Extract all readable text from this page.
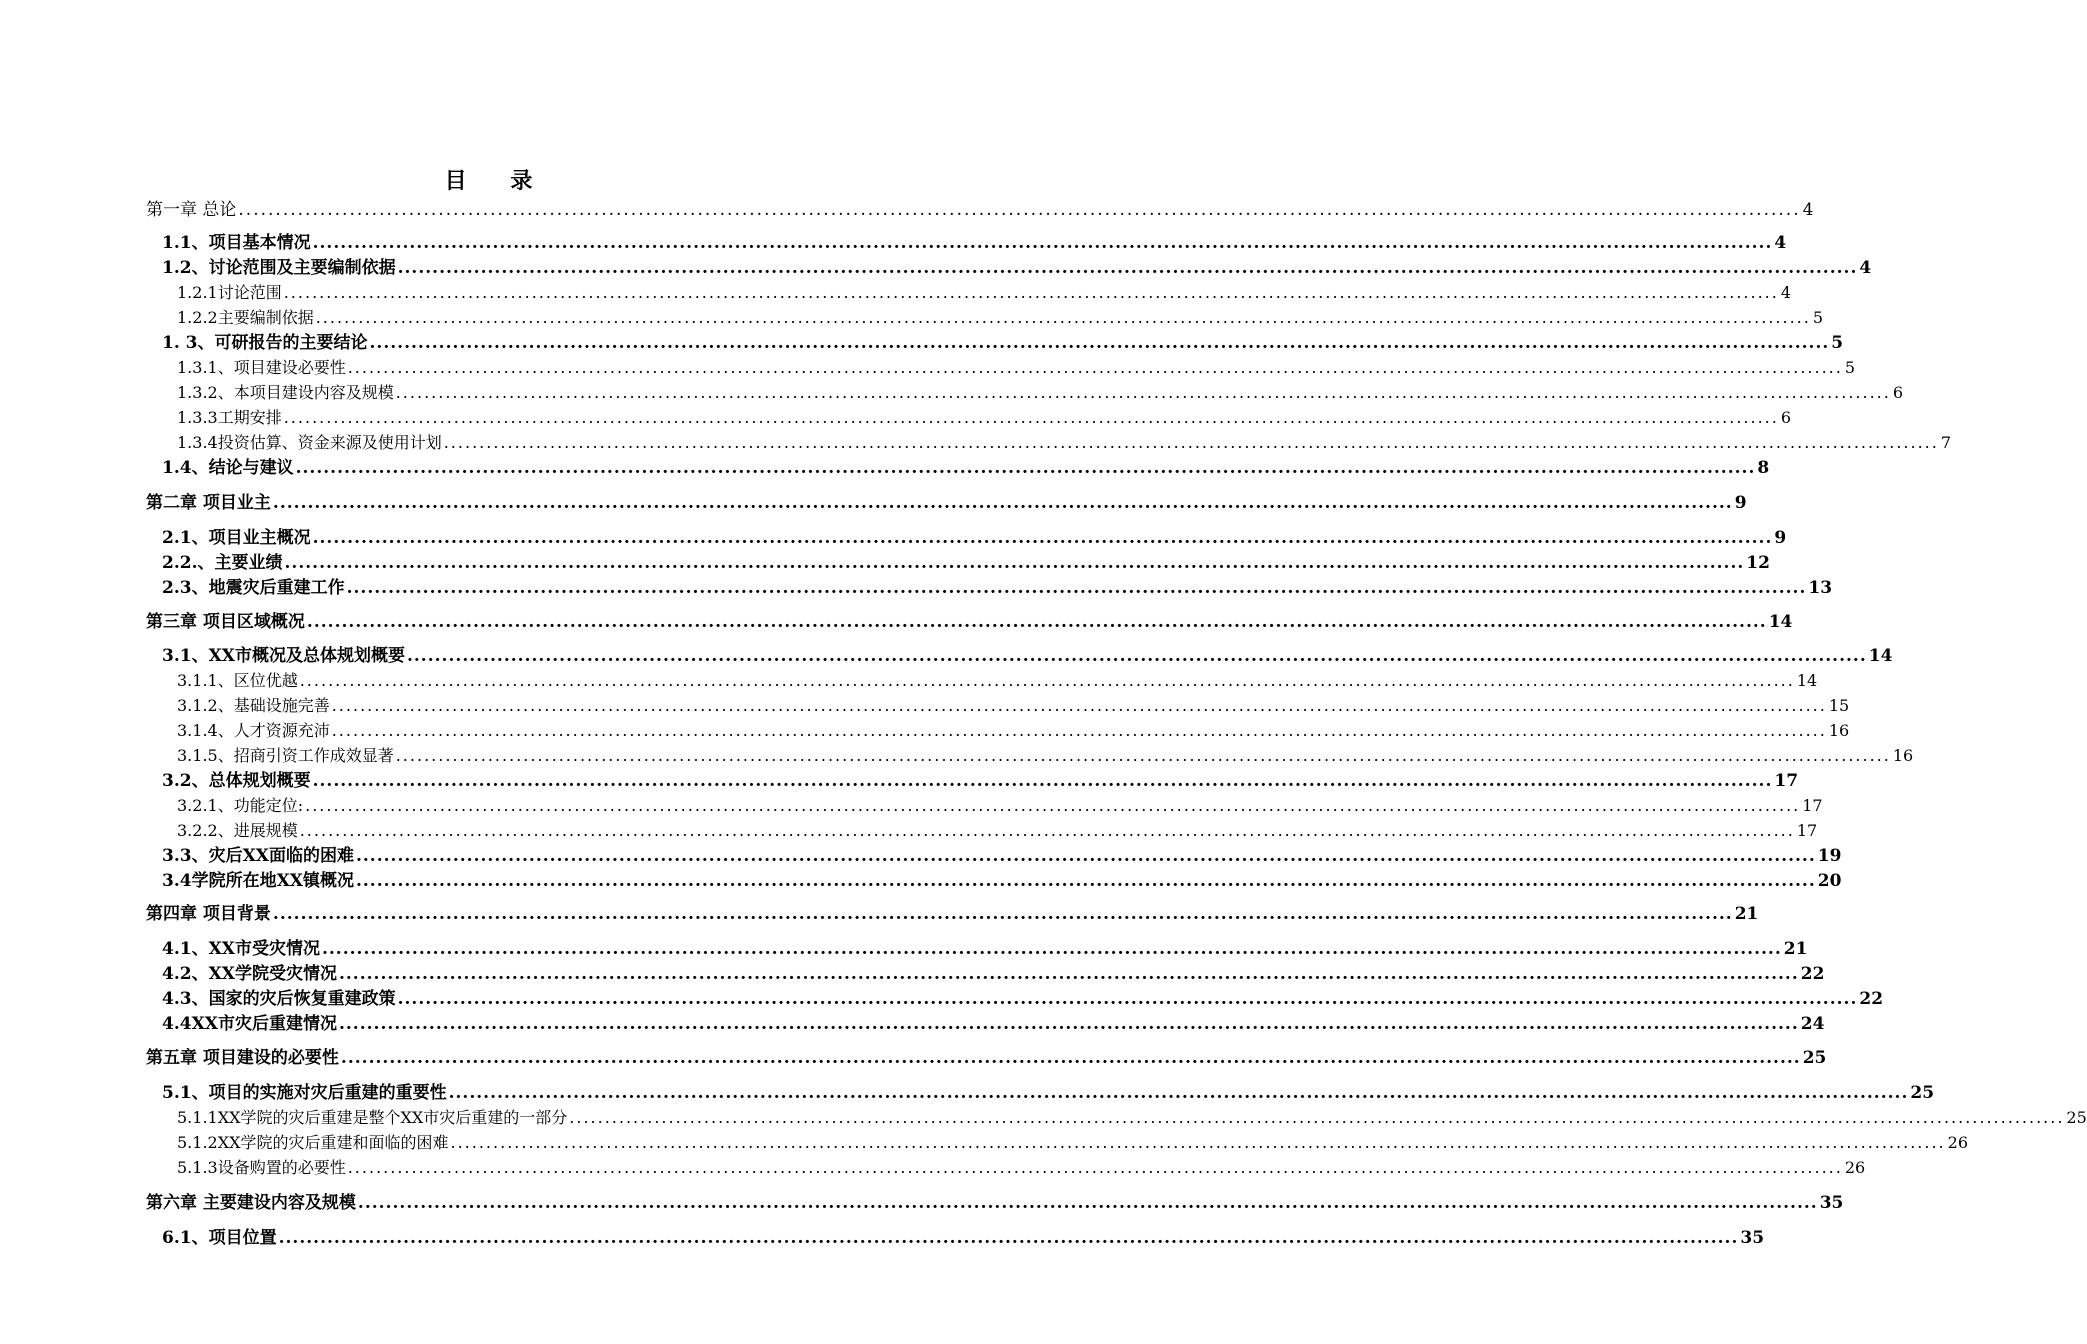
目 录
第一章 总论 ................................................................................................................................................................................................................... 4
1.1、项目基本情况 ................................................................................................................................................................................................................... 4
1.2、讨论范围及主要编制依据 ................................................................................................................................................................................................................... 4
1.2.1讨论范围 ................................................................................................................................................................................................................... 4
1.2.2主要编制依据 ................................................................................................................................................................................................................... 5
1. 3、可研报告的主要结论 ................................................................................................................................................................................................................... 5
1.3.1、项目建设必要性 ................................................................................................................................................................................................................... 5
1.3.2、本项目建设内容及规模 ................................................................................................................................................................................................................... 6
1.3.3工期安排 ................................................................................................................................................................................................................... 6
1.3.4投资估算、资金来源及使用计划 ................................................................................................................................................................................................................... 7
1.4、结论与建议 ................................................................................................................................................................................................................... 8
第二章 项目业主 ................................................................................................................................................................................................................... 9
2.1、项目业主概况 ................................................................................................................................................................................................................... 9
2.2.、主要业绩 ................................................................................................................................................................................................................... 12
2.3、地震灾后重建工作 ................................................................................................................................................................................................................... 13
第三章 项目区域概况 ................................................................................................................................................................................................................... 14
3.1、XX市概况及总体规划概要 ................................................................................................................................................................................................................... 14
3.1.1、区位优越 ................................................................................................................................................................................................................... 14
3.1.2、基础设施完善 ................................................................................................................................................................................................................... 15
3.1.4、人才资源充沛 ................................................................................................................................................................................................................... 16
3.1.5、招商引资工作成效显著 ................................................................................................................................................................................................................... 16
3.2、总体规划概要 ................................................................................................................................................................................................................... 17
3.2.1、功能定位: ................................................................................................................................................................................................................... 17
3.2.2、进展规模 ................................................................................................................................................................................................................... 17
3.3、灾后XX面临的困难 ................................................................................................................................................................................................................... 19
3.4学院所在地XX镇概况 ................................................................................................................................................................................................................... 20
第四章 项目背景 ................................................................................................................................................................................................................... 21
4.1、XX市受灾情况 ................................................................................................................................................................................................................... 21
4.2、XX学院受灾情况 ................................................................................................................................................................................................................... 22
4.3、国家的灾后恢复重建政策 ................................................................................................................................................................................................................... 22
4.4XX市灾后重建情况 ................................................................................................................................................................................................................... 24
第五章 项目建设的必要性 ................................................................................................................................................................................................................... 25
5.1、项目的实施对灾后重建的重要性 ................................................................................................................................................................................................................... 25
5.1.1XX学院的灾后重建是整个XX市灾后重建的一部分 ................................................................................................................................................................................................................... 25
5.1.2XX学院的灾后重建和面临的困难 ................................................................................................................................................................................................................... 26
5.1.3设备购置的必要性 ................................................................................................................................................................................................................... 26
第六章 主要建设内容及规模 ................................................................................................................................................................................................................... 35
6.1、项目位置 ................................................................................................................................................................................................................... 35
